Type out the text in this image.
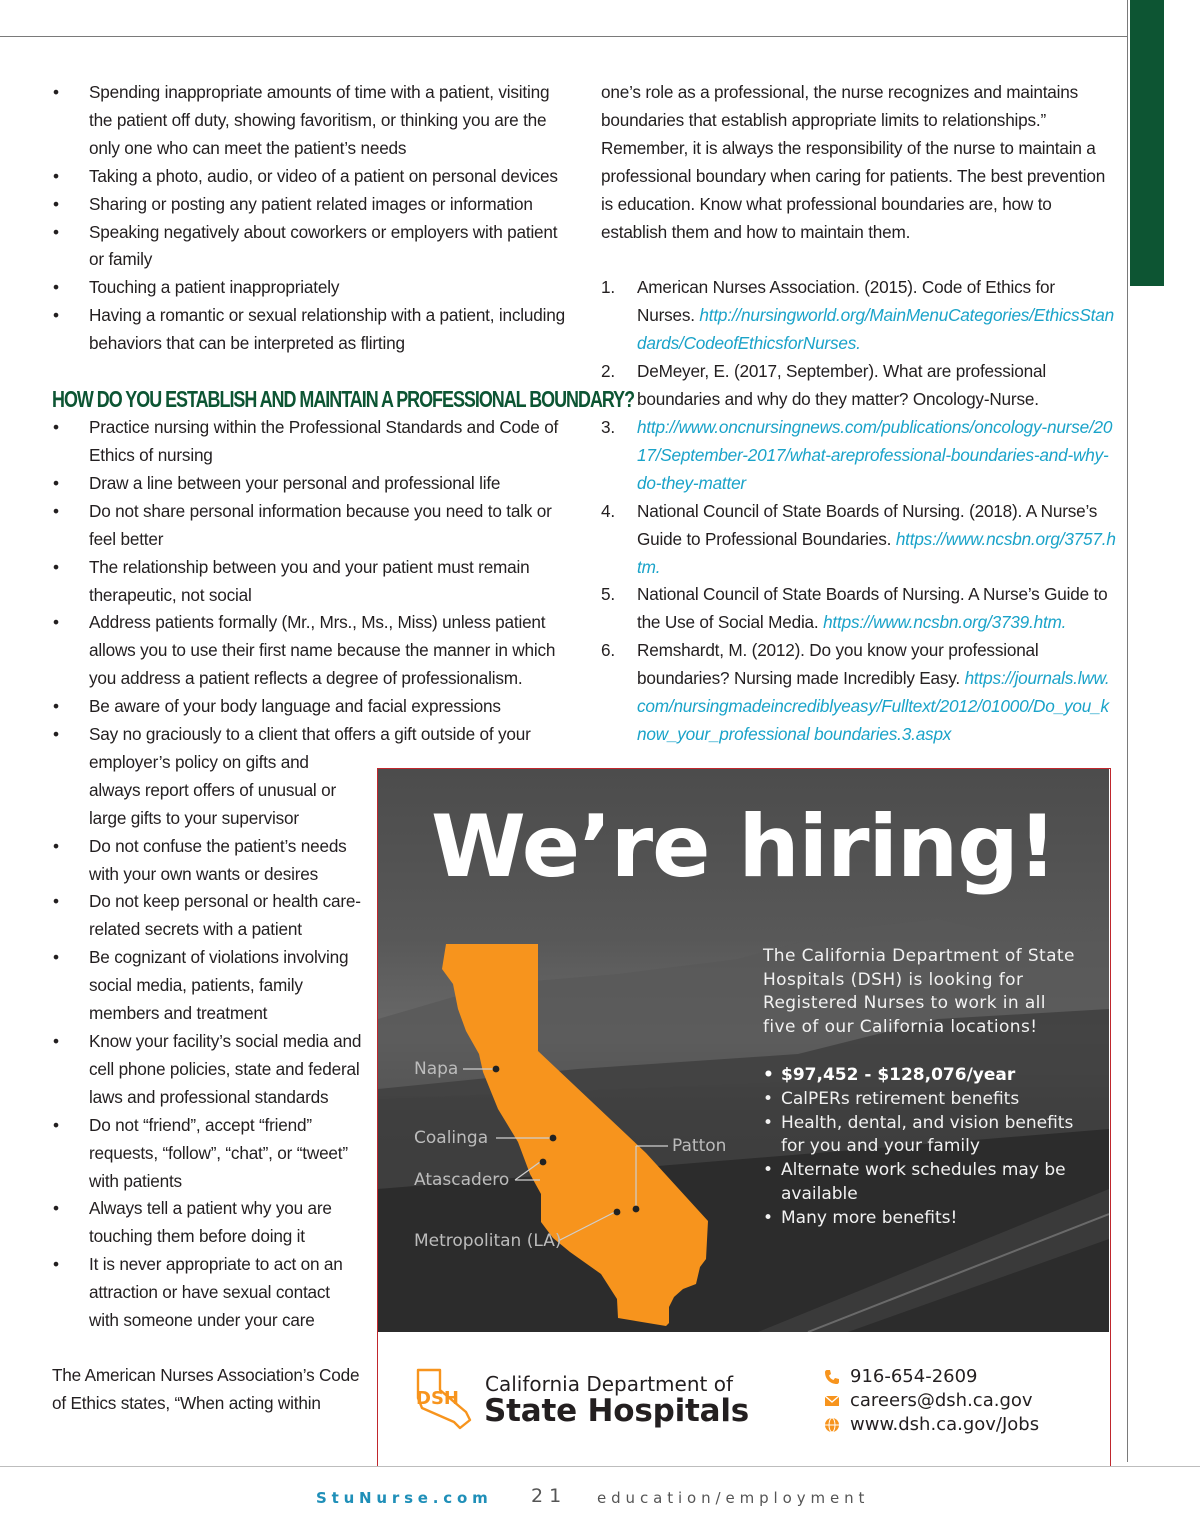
• Spending inappropriate amounts of time with a patient, visiting the patient off duty, showing favoritism, or thinking you are the only one who can meet the patient’s needs
• Taking a photo, audio, or video of a patient on personal devices
• Sharing or posting any patient related images or information
• Speaking negatively about coworkers or employers with patient or family
• Touching a patient inappropriately
• Having a romantic or sexual relationship with a patient, including behaviors that can be interpreted as flirting
HOW DO YOU ESTABLISH AND MAINTAIN A PROFESSIONAL BOUNDARY?
• Practice nursing within the Professional Standards and Code of Ethics of nursing
• Draw a line between your personal and professional life
• Do not share personal information because you need to talk or feel better
• The relationship between you and your patient must remain therapeutic, not social
• Address patients formally (Mr., Mrs., Ms., Miss) unless patient allows you to use their first name because the manner in which you address a patient reflects a degree of professionalism.
• Be aware of your body language and facial expressions
• Say no graciously to a client that offers a gift outside of your
employer’s policy on gifts and always report offers of unusual or large gifts to your supervisor
• Do not confuse the patient’s needs with your own wants or desires
• Do not keep personal or health care-related secrets with a patient
• Be cognizant of violations involving social media, patients, family members and treatment
• Know your facility’s social media and cell phone policies, state and federal laws and professional standards
• Do not “friend”, accept “friend” requests, “follow”, “chat”, or “tweet” with patients
• Always tell a patient why you are touching them before doing it
• It is never appropriate to act on an attraction or have sexual contact with someone under your care

The American Nurses Association’s Code of Ethics states, “When acting within

one’s role as a professional, the nurse recognizes and maintains boundaries that establish appropriate limits to relationships.” Remember, it is always the responsibility of the nurse to maintain a professional boundary when caring for patients. The best prevention is education. Know what professional boundaries are, how to establish them and how to maintain them.

1. American Nurses Association. (2015). Code of Ethics for Nurses. http://nursingworld.org/MainMenuCategories/EthicsStandards/CodeofEthicsforNurses.
2. DeMeyer, E. (2017, September). What are professional boundaries and why do they matter? Oncology-Nurse.
3. http://www.oncnursingnews.com/publications/oncology-nurse/2017/September-2017/what-areprofessional-boundaries-and-why-do-they-matter
4. National Council of State Boards of Nursing. (2018). A Nurse’s Guide to Professional Boundaries. https://www.ncsbn.org/3757.htm.
5. National Council of State Boards of Nursing. A Nurse’s Guide to the Use of Social Media. https://www.ncsbn.org/3739.htm.
6. Remshardt, M. (2012). Do you know your professional boundaries? Nursing made Incredibly Easy. https://journals.lww.com/nursingmadeincrediblyeasy/Fulltext/2012/01000/Do_you_know_your_professional boundaries.3.aspx
We’re hiring!
Napa
Coalinga
Atascadero
Metropolitan (LA)
Patton
The California Department of State Hospitals (DSH) is looking for Registered Nurses to work in all five of our California locations!
• $97,452 - $128,076/year
• CalPERs retirement benefits
• Health, dental, and vision benefits for you and your family
• Alternate work schedules may be available
• Many more benefits!
DSH
California Department of
State Hospitals
916-654-2609
careers@dsh.ca.gov
www.dsh.ca.gov/Jobs
StuNurse.com 21 education/employment
